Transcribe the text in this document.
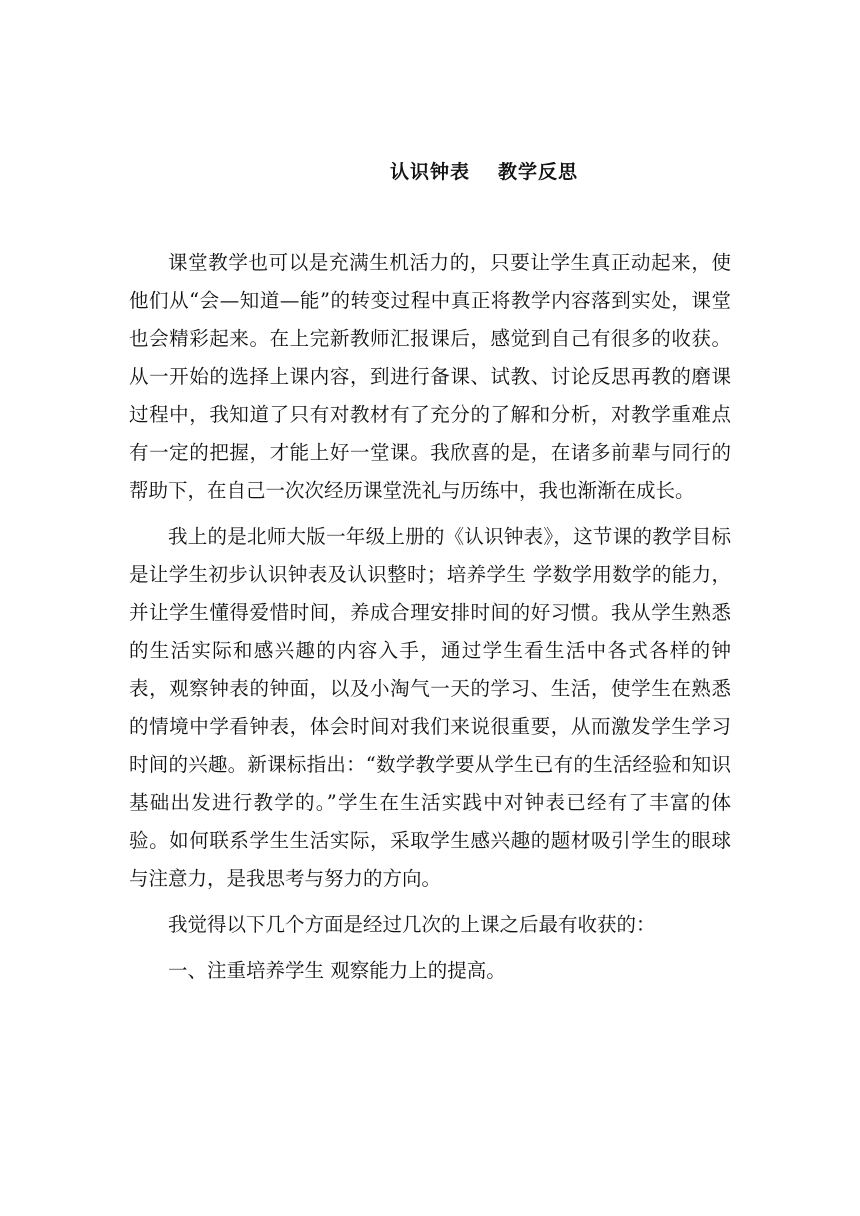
认识钟表 教学反思

课堂教学也可以是充满生机活力的，只要让学生真正动起来，使他们从“会—知道—能”的转变过程中真正将教学内容落到实处，课堂也会精彩起来。在上完新教师汇报课后，感觉到自己有很多的收获。从一开始的选择上课内容，到进行备课、试教、讨论反思再教的磨课过程中，我知道了只有对教材有了充分的了解和分析，对教学重难点有一定的把握，才能上好一堂课。我欣喜的是，在诸多前辈与同行的帮助下，在自己一次次经历课堂洗礼与历练中，我也渐渐在成长。

我上的是北师大版一年级上册的《认识钟表》，这节课的教学目标是让学生初步认识钟表及认识整时；培养学生 学数学用数学的能力，并让学生懂得爱惜时间，养成合理安排时间的好习惯。我从学生熟悉的生活实际和感兴趣的内容入手，通过学生看生活中各式各样的钟表，观察钟表的钟面，以及小淘气一天的学习、生活，使学生在熟悉的情境中学看钟表，体会时间对我们来说很重要，从而激发学生学习时间的兴趣。新课标指出：“数学教学要从学生已有的生活经验和知识基础出发进行教学的。”学生在生活实践中对钟表已经有了丰富的体验。如何联系学生生活实际，采取学生感兴趣的题材吸引学生的眼球与注意力，是我思考与努力的方向。

我觉得以下几个方面是经过几次的上课之后最有收获的：

一、注重培养学生 观察能力上的提高。
